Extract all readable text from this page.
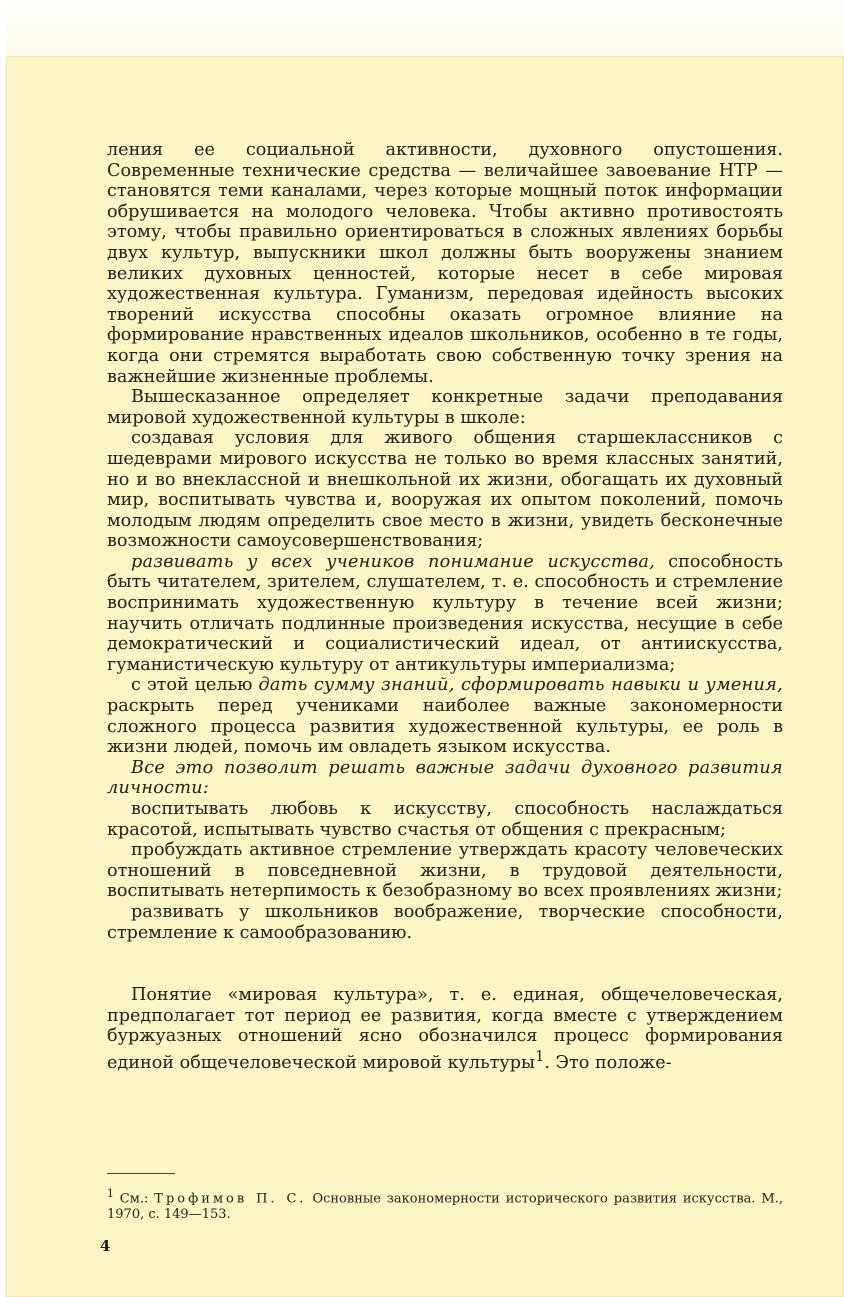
ления ее социальной активности, духовного опустошения. Современные технические средства — величайшее завоевание НТР — становятся теми каналами, через которые мощный поток информации обрушивается на молодого человека. Чтобы активно противостоять этому, чтобы правильно ориентироваться в сложных явлениях борьбы двух культур, выпускники школ должны быть вооружены знанием великих духовных ценностей, которые несет в себе мировая художественная культура. Гуманизм, передовая идейность высоких творений искусства способны оказать огромное влияние на формирование нравственных идеалов школьников, особенно в те годы, когда они стремятся выработать свою собственную точку зрения на важнейшие жизненные проблемы.

Вышесказанное определяет конкретные задачи преподавания мировой художественной культуры в школе:

создавая условия для живого общения старшеклассников с шедеврами мирового искусства не только во время классных занятий, но и во внеклассной и внешкольной их жизни, обогащать их духовный мир, воспитывать чувства и, вооружая их опытом поколений, помочь молодым людям определить свое место в жизни, увидеть бесконечные возможности самоусовершенствования;

развивать у всех учеников понимание искусства, способность быть читателем, зрителем, слушателем, т. е. способность и стремление воспринимать художественную культуру в течение всей жизни; научить отличать подлинные произведения искусства, несущие в себе демократический и социалистический идеал, от антиискусства, гуманистическую культуру от антикультуры империализма;

с этой целью дать сумму знаний, сформировать навыки и умения, раскрыть перед учениками наиболее важные закономерности сложного процесса развития художественной культуры, ее роль в жизни людей, помочь им овладеть языком искусства.

Все это позволит решать важные задачи духовного развития личности:

воспитывать любовь к искусству, способность наслаждаться красотой, испытывать чувство счастья от общения с прекрасным;

пробуждать активное стремление утверждать красоту человеческих отношений в повседневной жизни, в трудовой деятельности, воспитывать нетерпимость к безобразному во всех проявлениях жизни;

развивать у школьников воображение, творческие способности, стремление к самообразованию.

Понятие «мировая культура», т. е. единая, общечеловеческая, предполагает тот период ее развития, когда вместе с утверждением буржуазных отношений ясно обозначился процесс формирования единой общечеловеческой мировой культуры$^1$. Это положе-

$^1$ См.: Трофимов П. С. Основные закономерности исторического развития искусства. М., 1970, с. 149—153.
4
